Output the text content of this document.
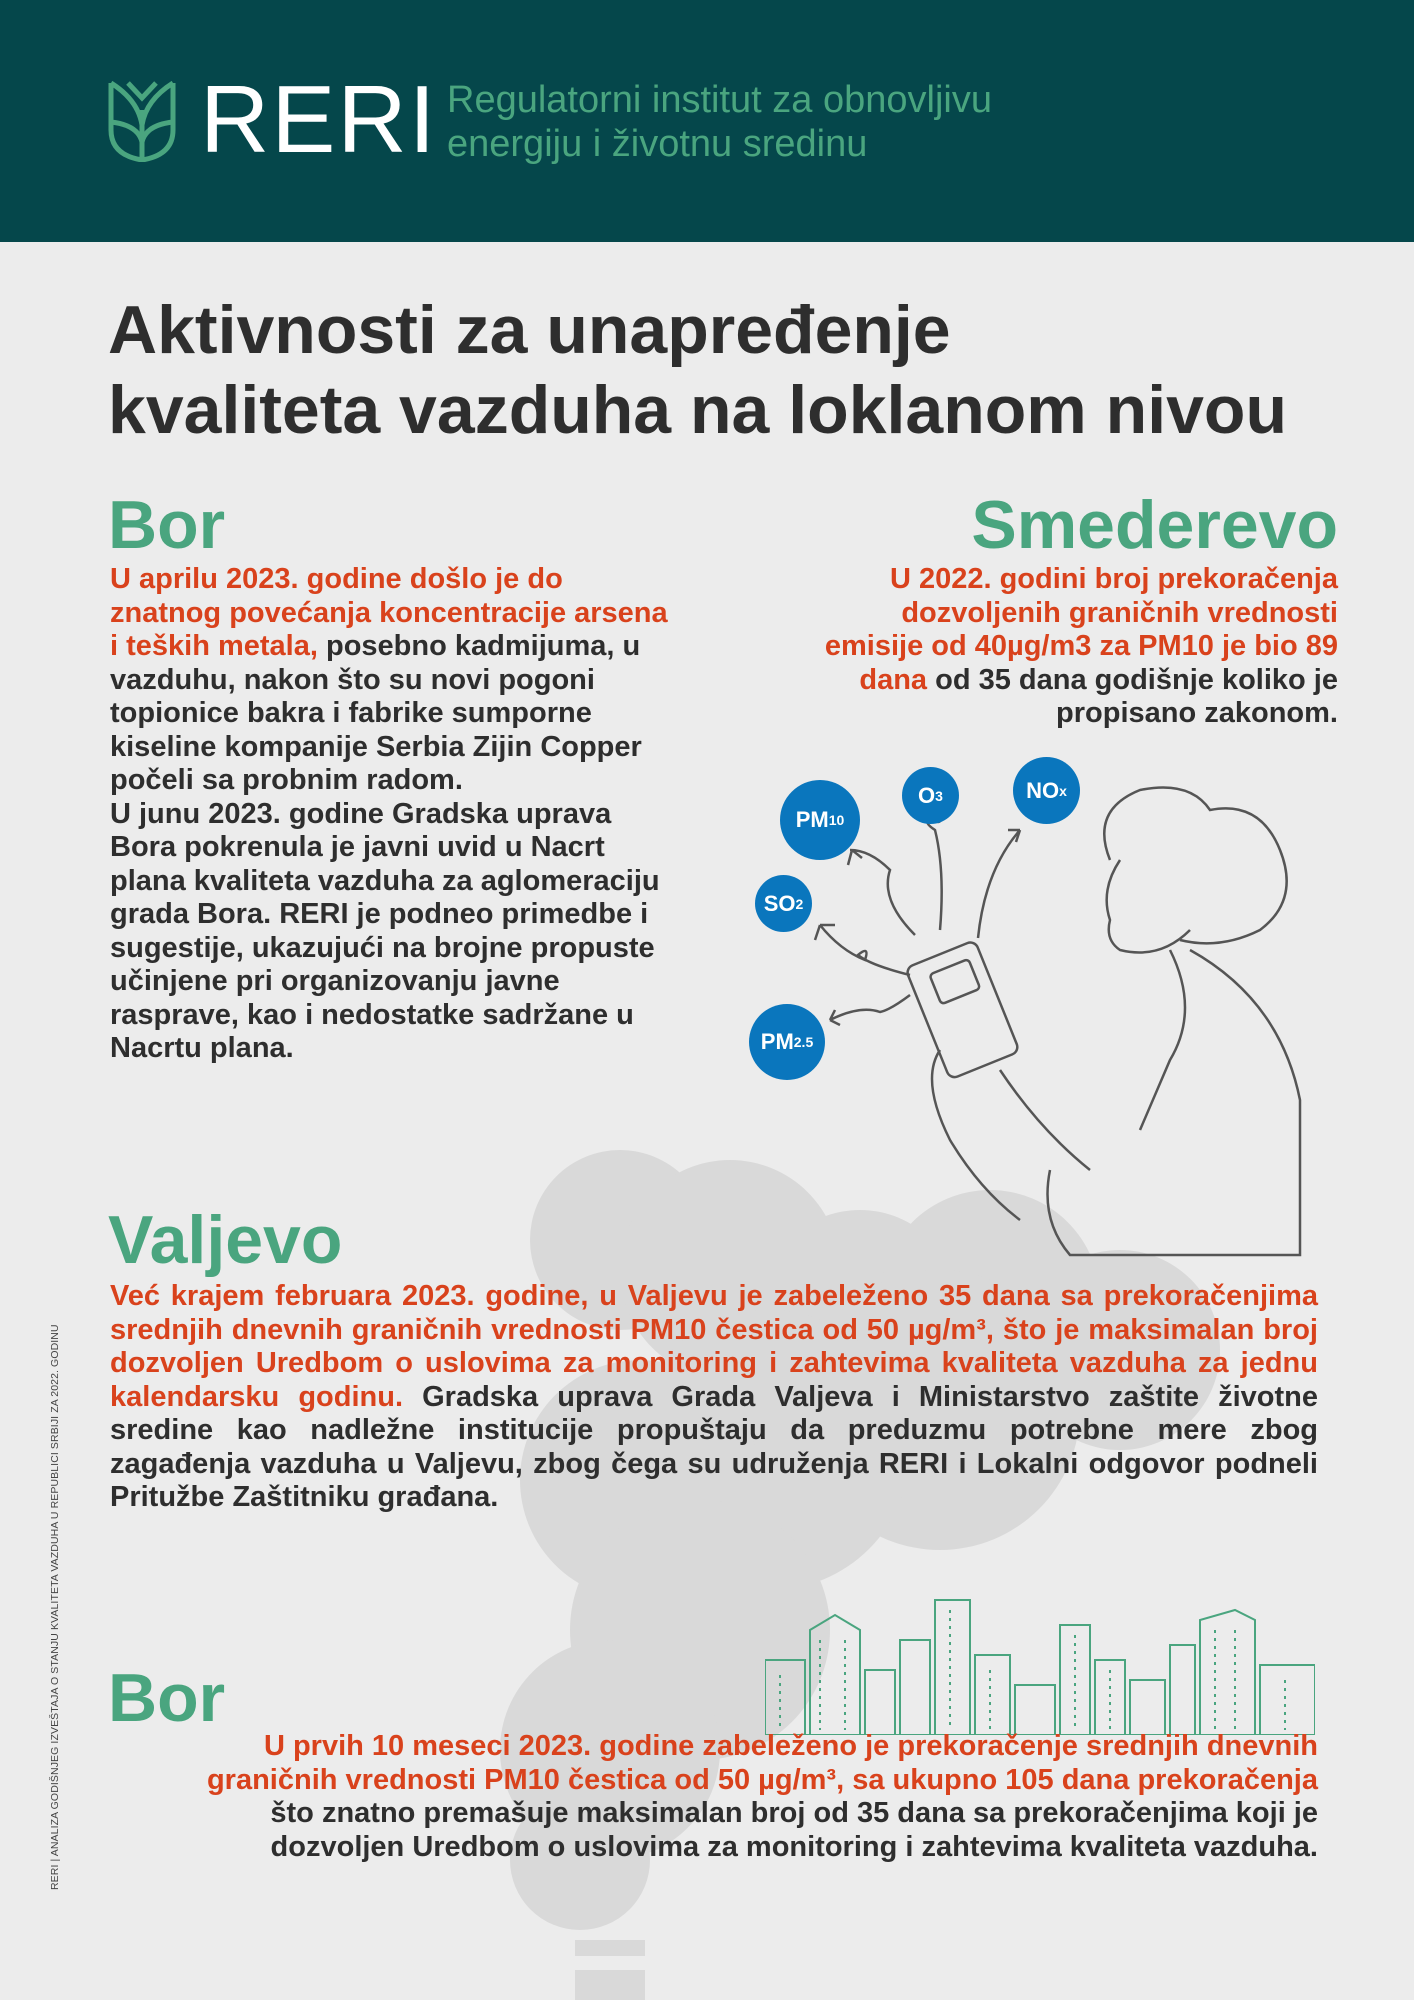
RERI Regulatorni institut za obnovljivu
energiju i životnu sredinu
Aktivnosti za unapređenje
kvaliteta vazduha na loklanom nivou
Bor
U aprilu 2023. godine došlo je do znatnog povećanja koncentracije arsena i teških metala, posebno kadmijuma, u vazduhu, nakon što su novi pogoni topionice bakra i fabrike sumporne kiseline kompanije Serbia Zijin Copper počeli sa probnim radom.
U junu 2023. godine Gradska uprava Bora pokrenula je javni uvid u Nacrt plana kvaliteta vazduha za aglomeraciju grada Bora. RERI je podneo primedbe i sugestije, ukazujući na brojne propuste učinjene pri organizovanju javne rasprave, kao i nedostatke sadržane u Nacrtu plana.
Smederevo
U 2022. godini broj prekoračenja dozvoljenih graničnih vrednosti emisije od 40µg/m3 za PM10 je bio 89 dana od 35 dana godišnje koliko je propisano zakonom.
PM 10
O 3	NO x
SO 2
PM 2.5
Valjevo
Već krajem februara 2023. godine, u Valjevu je zabeleženo 35 dana sa prekoračenjima srednjih dnevnih graničnih vrednosti PM10 čestica od 50 µg/m³, što je maksimalan broj dozvoljen Uredbom o uslovima za monitoring i zahtevima kvaliteta vazduha za jednu kalendarsku godinu. Gradska uprava Grada Valjeva i Ministarstvo zaštite životne sredine kao nadležne institucije propuštaju da preduzmu potrebne mere zbog zagađenja vazduha u Valjevu, zbog čega su udruženja RERI i Lokalni odgovor podneli Pritužbe Zaštitniku građana.
Bor
U prvih 10 meseci 2023. godine zabeleženo je prekoračenje srednjih dnevnih graničnih vrednosti PM10 čestica od 50 µg/m³, sa ukupno 105 dana prekoračenja što znatno premašuje maksimalan broj od 35 dana sa prekoračenjima koji je dozvoljen Uredbom o uslovima za monitoring i zahtevima kvaliteta vazduha.
RERI | ANALIZA GODIŠNJEG IZVEŠTAJA O STANJU KVALITETA VAZDUHA U REPUBLICI SRBIJI ZA 2022. GODINU
